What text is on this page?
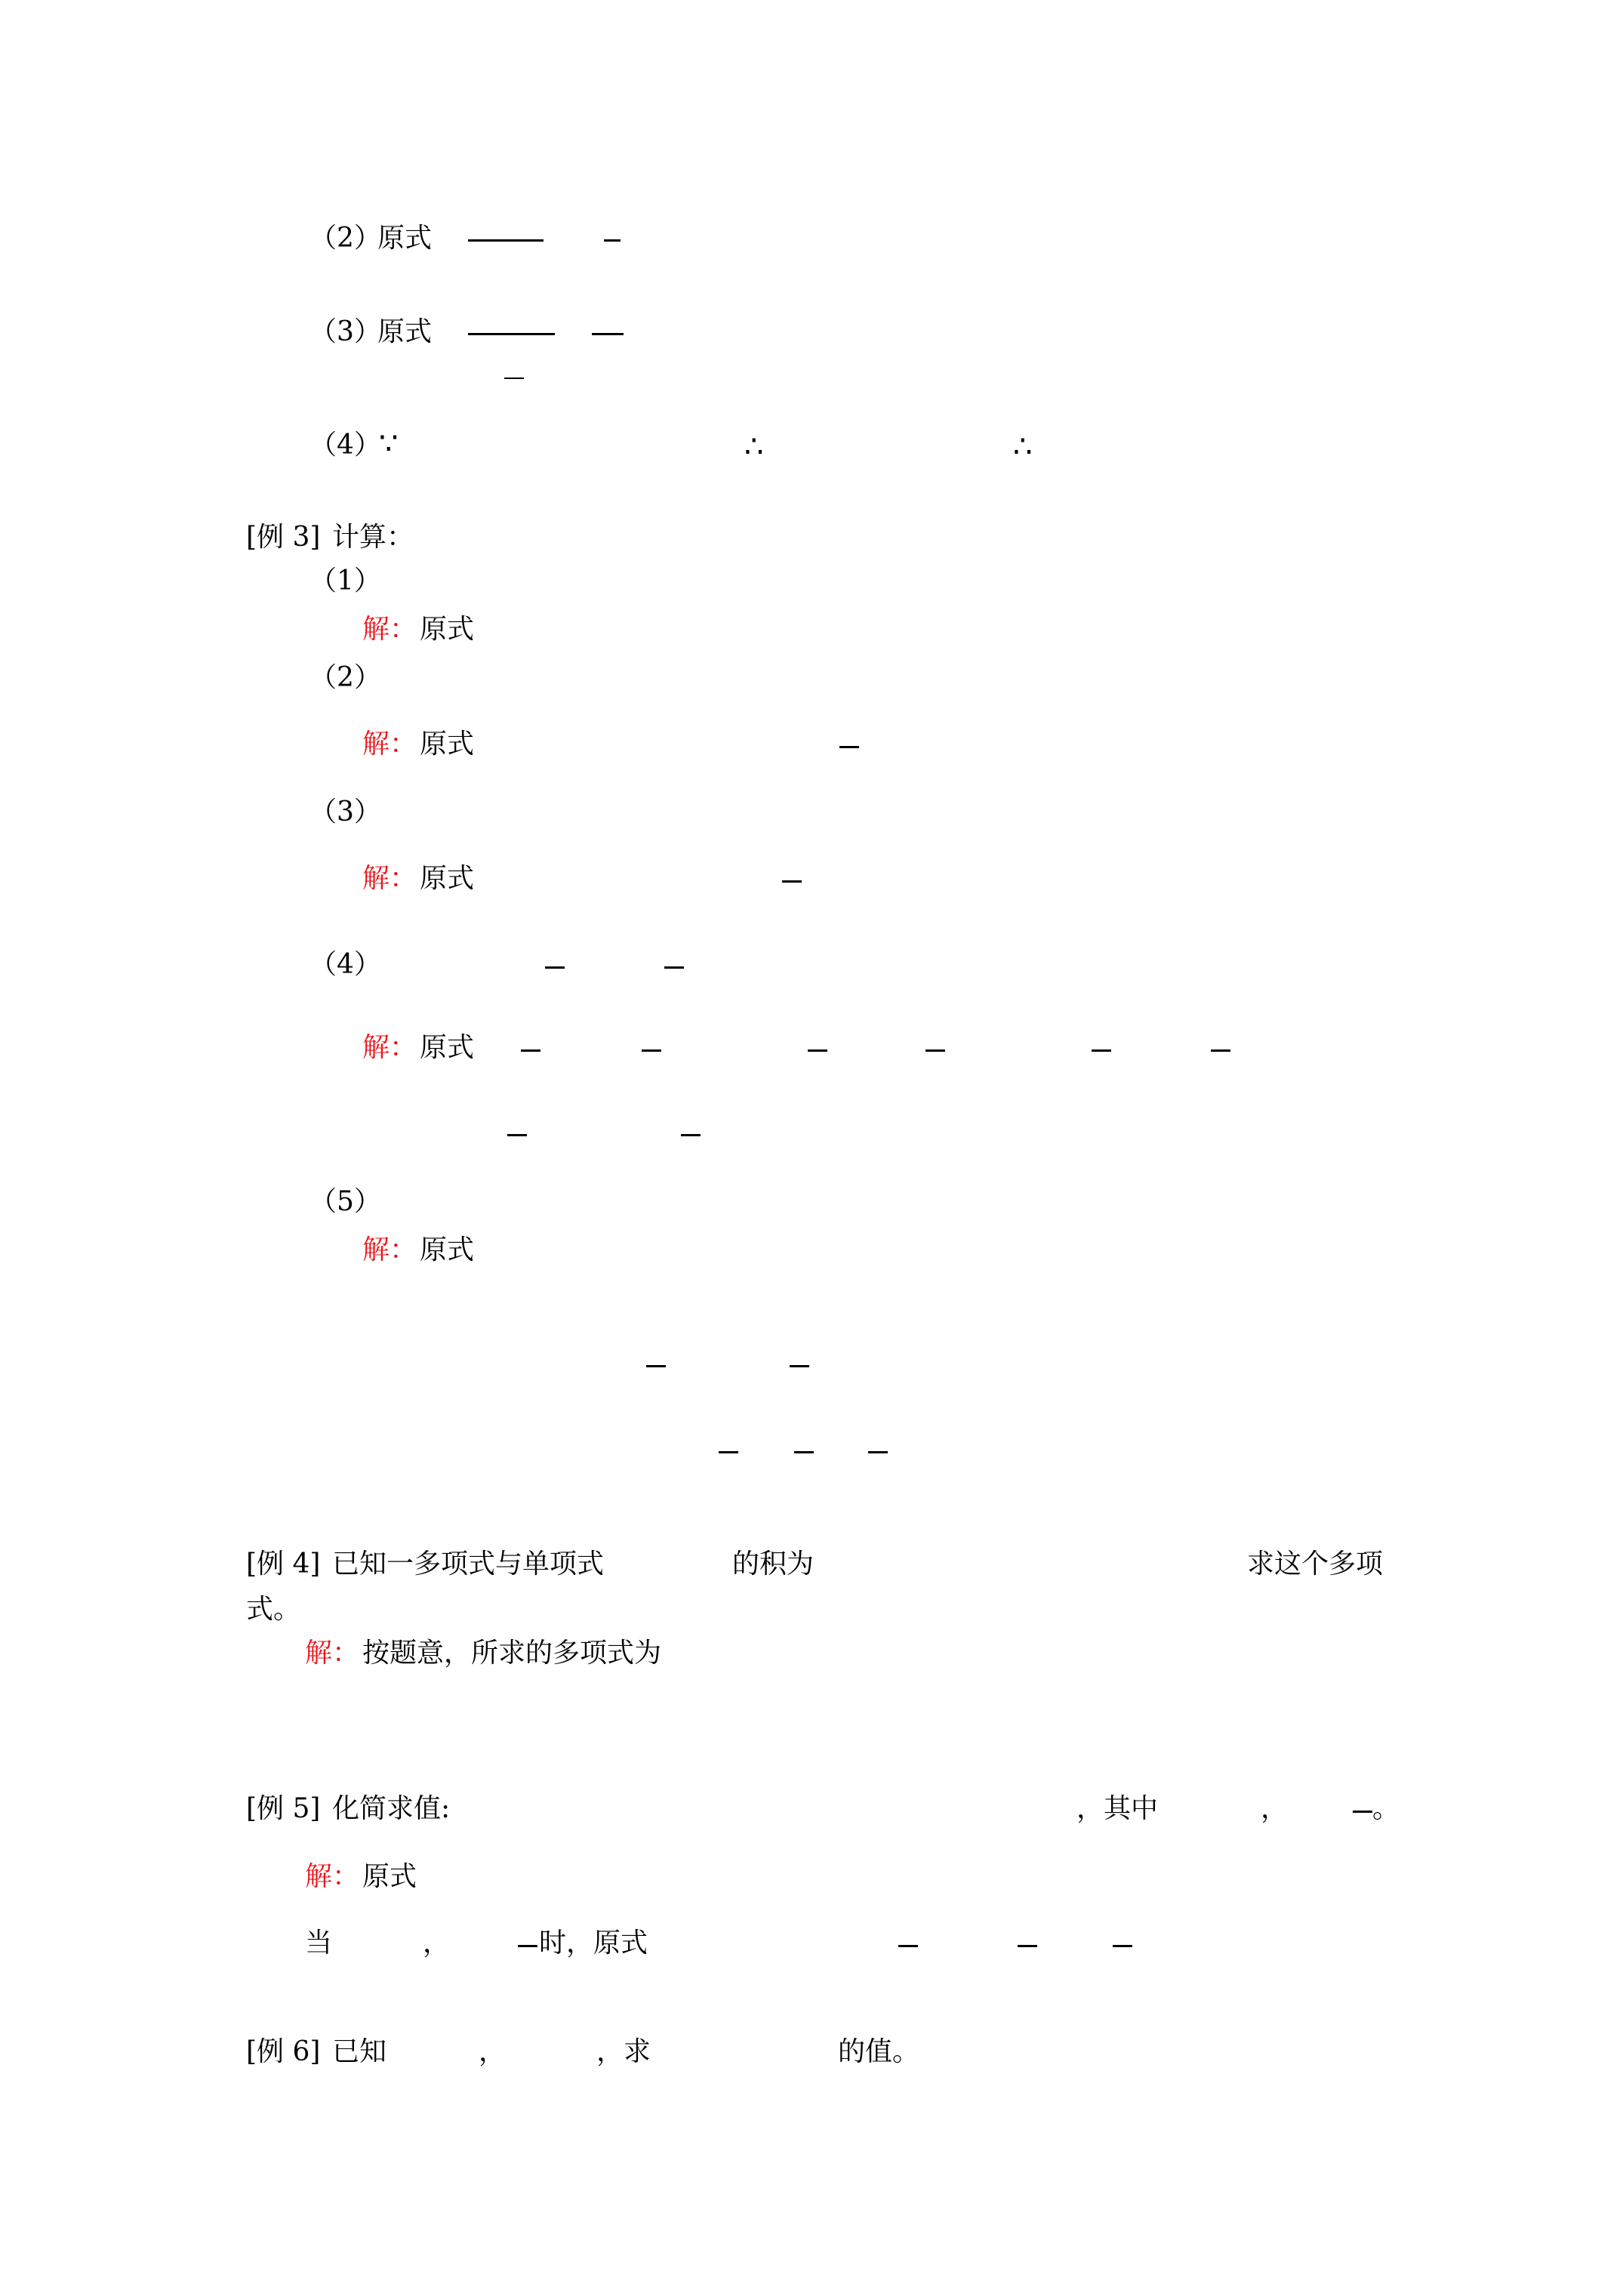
（2）
原式
（3）
原式
（4）
∵	∴	∴
[例 3] 计算：
（1）
解： 原式
（2）
解： 原式
（3）
解： 原式
（4）
解： 原式
（5）
解： 原式
[例 4] 已知一多项式与单项式	的积为	求这个多项
式。
解： 按题意，所求的多项式为
[例 5] 化简求值:	，其中	，	。
解： 原式
当	，	时，原式
[例 6] 已知	，	，求	的值。
